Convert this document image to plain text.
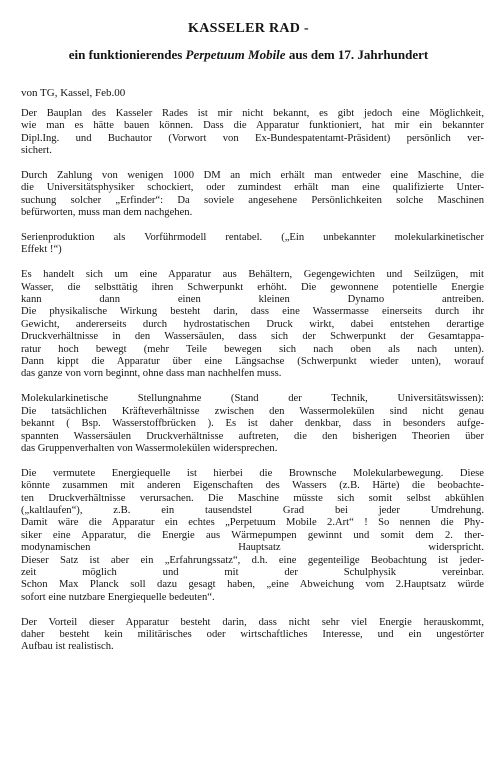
KASSELER RAD -
ein funktionierendes Perpetuum Mobile aus dem 17. Jahrhundert
von TG, Kassel, Feb.00
Der Bauplan des Kasseler Rades ist mir nicht bekannt, es gibt jedoch eine Möglichkeit,
wie man es hätte bauen können. Dass die Apparatur funktioniert, hat mir ein bekannter
Dipl.Ing. und Buchautor (Vorwort von Ex-Bundespatentamt-Präsident) persönlich ver-
sichert.
Durch Zahlung von wenigen 1000 DM an mich erhält man entweder eine Maschine, die
die Universitätsphysiker schockiert, oder zumindest erhält man eine qualifizierte Unter-
suchung solcher „Erfinder“: Da soviele angesehene Persönlichkeiten solche Maschinen
befürworten, muss man dem nachgehen.
Serienproduktion als Vorführmodell rentabel. („Ein unbekannter molekularkinetischer
Effekt !“)
Es handelt sich um eine Apparatur aus Behältern, Gegengewichten und Seilzügen, mit
Wasser, die selbsttätig ihren Schwerpunkt erhöht. Die gewonnene potentielle Energie
kann dann einen kleinen Dynamo antreiben.
Die physikalische Wirkung besteht darin, dass eine Wassermasse einerseits durch ihr
Gewicht, andererseits durch hydrostatischen Druck wirkt, dabei entstehen derartige
Druckverhältnisse in den Wassersäulen, dass sich der Schwerpunkt der Gesamtappa-
ratur hoch bewegt (mehr Teile bewegen sich nach oben als nach unten).
Dann kippt die Apparatur über eine Längsachse (Schwerpunkt wieder unten), worauf
das ganze von vorn beginnt, ohne dass man nachhelfen muss.
Molekularkinetische Stellungnahme (Stand der Technik, Universitätswissen):
Die tatsächlichen Kräfteverhältnisse zwischen den Wassermolekülen sind nicht genau
bekannt ( Bsp. Wasserstoffbrücken ). Es ist daher denkbar, dass in besonders aufge-
spannten Wassersäulen Druckverhältnisse auftreten, die den bisherigen Theorien über
das Gruppenverhalten von Wassermolekülen widersprechen.
Die vermutete Energiequelle ist hierbei die Brownsche Molekularbewegung. Diese
könnte zusammen mit anderen Eigenschaften des Wassers (z.B. Härte) die beobachte-
ten Druckverhältnisse verursachen. Die Maschine müsste sich somit selbst abkühlen
(„kaltlaufen“), z.B. ein tausendstel Grad bei jeder Umdrehung.
Damit wäre die Apparatur ein echtes „Perpetuum Mobile 2.Art“ ! So nennen die Phy-
siker eine Apparatur, die Energie aus Wärmepumpen gewinnt und somit dem 2. ther-
modynamischen Hauptsatz widerspricht.
Dieser Satz ist aber ein „Erfahrungssatz“, d.h. eine gegenteilige Beobachtung ist jeder-
zeit möglich und mit der Schulphysik vereinbar.
Schon Max Planck soll dazu gesagt haben, „eine Abweichung vom 2.Hauptsatz würde
sofort eine nutzbare Energiequelle bedeuten“.
Der Vorteil dieser Apparatur besteht darin, dass nicht sehr viel Energie herauskommt,
daher besteht kein militärisches oder wirtschaftliches Interesse, und ein ungestörter
Aufbau ist realistisch.
